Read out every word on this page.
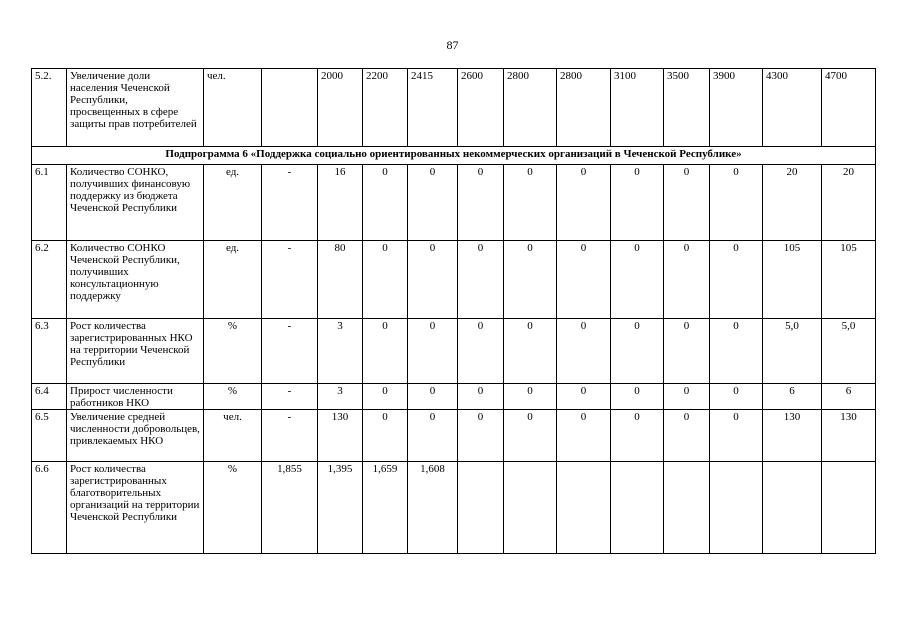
87
5.2.	Увеличение доли населения Чеченской Республики, просвещенных в сфере защиты прав потребителей	чел.		2000	2200	2415	2600	2800	2800	3100	3500	3900	4300	4700
Подпрограмма 6 «Поддержка социально ориентированных некоммерческих организаций в Чеченской Республике»														
6.1	Количество СОНКО, получивших финансовую поддержку из бюджета Чеченской Республики	ед.	-	16	0	0	0	0	0	0	0	0	20	20
6.2	Количество СОНКО Чеченской Республики, получивших консультационную поддержку	ед.	-	80	0	0	0	0	0	0	0	0	105	105
6.3	Рост количества зарегистрированных НКО на территории Чеченской Республики	%	-	3	0	0	0	0	0	0	0	0	5,0	5,0
6.4	Прирост численности работников НКО	%	-	3	0	0	0	0	0	0	0	0	6	6
6.5	Увеличение средней численности добровольцев, привлекаемых НКО	чел.	-	130	0	0	0	0	0	0	0	0	130	130
6.6	Рост количества зарегистрированных благотворительных организаций на территории Чеченской Республики	%	1,855	1,395	1,659	1,608								
